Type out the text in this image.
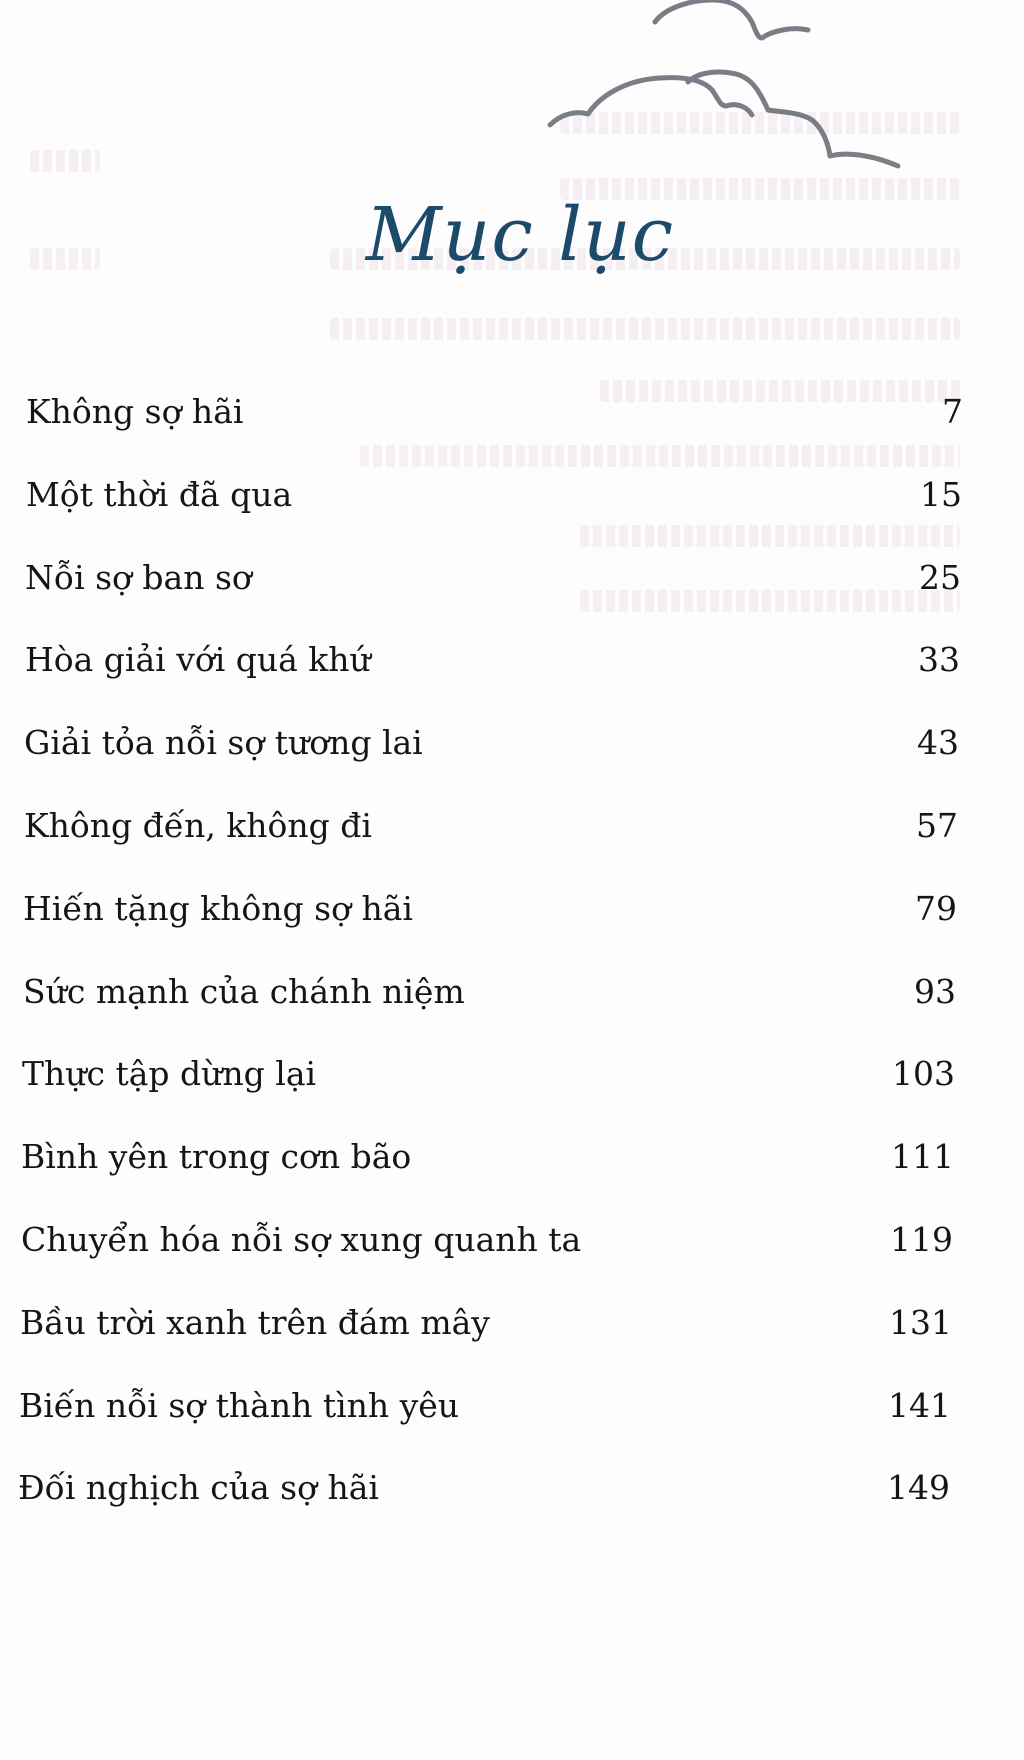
Mục lục
Không sợ hãi	7
Một thời đã qua	15
Nỗi sợ ban sơ	25
Hòa giải với quá khứ	33
Giải tỏa nỗi sợ tương lai	43
Không đến, không đi	57
Hiến tặng không sợ hãi	79
Sức mạnh của chánh niệm	93
Thực tập dừng lại	103
Bình yên trong cơn bão	111
Chuyển hóa nỗi sợ xung quanh ta	119
Bầu trời xanh trên đám mây	131
Biến nỗi sợ thành tình yêu	141
Đối nghịch của sợ hãi	149
